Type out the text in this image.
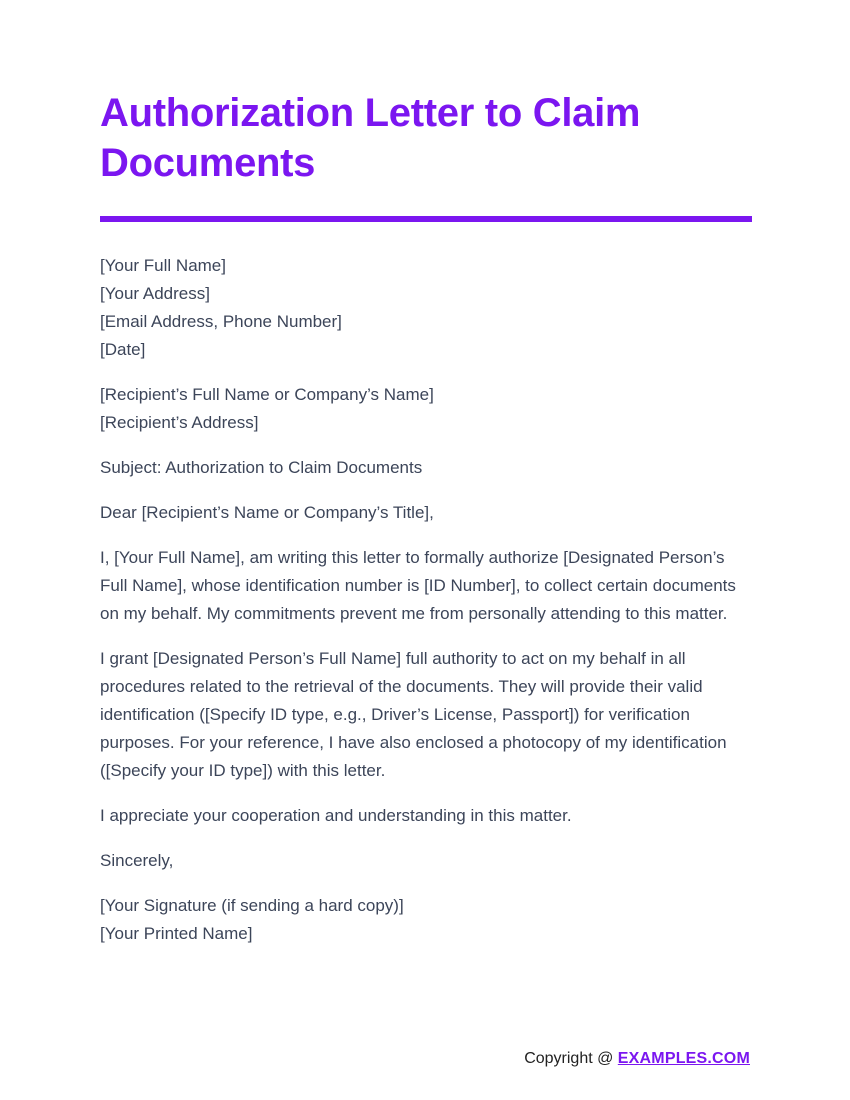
Authorization Letter to Claim Documents
[Your Full Name]
[Your Address]
[Email Address, Phone Number]
[Date]
[Recipient’s Full Name or Company’s Name]
[Recipient’s Address]

Subject: Authorization to Claim Documents

Dear [Recipient’s Name or Company’s Title],

I, [Your Full Name], am writing this letter to formally authorize [Designated Person’s Full Name], whose identification number is [ID Number], to collect certain documents on my behalf. My commitments prevent me from personally attending to this matter.

I grant [Designated Person’s Full Name] full authority to act on my behalf in all procedures related to the retrieval of the documents. They will provide their valid identification ([Specify ID type, e.g., Driver’s License, Passport]) for verification purposes. For your reference, I have also enclosed a photocopy of my identification ([Specify your ID type]) with this letter.

I appreciate your cooperation and understanding in this matter.

Sincerely,

[Your Signature (if sending a hard copy)]
[Your Printed Name]
Copyright @ EXAMPLES.COM
